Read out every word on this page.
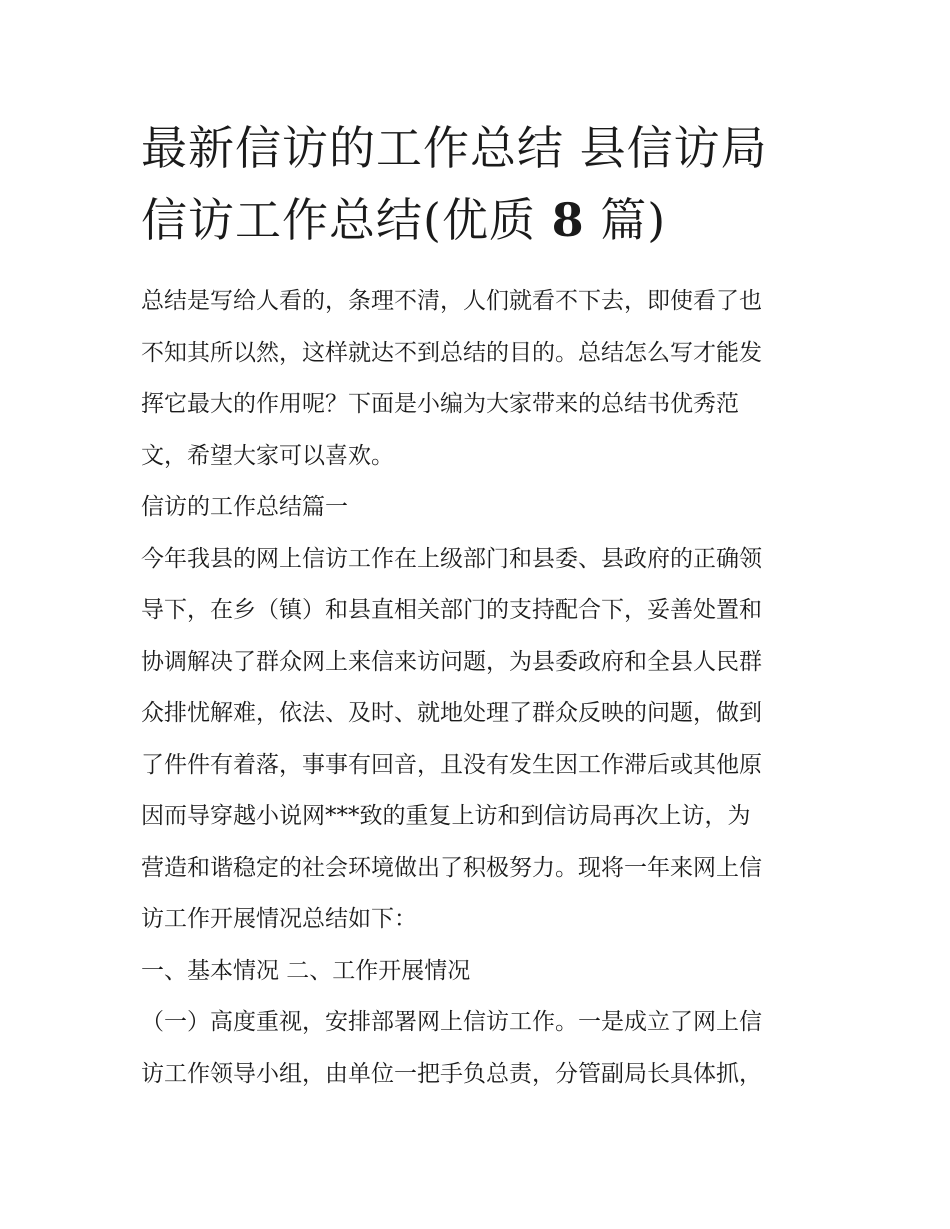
最新信访的工作总结 县信访局
信访工作总结(优质 8 篇)

总结是写给人看的，条理不清，人们就看不下去，即使看了也

不知其所以然，这样就达不到总结的目的。总结怎么写才能发

挥它最大的作用呢？下面是小编为大家带来的总结书优秀范

文，希望大家可以喜欢。

信访的工作总结篇一

今年我县的网上信访工作在上级部门和县委、县政府的正确领

导下，在乡（镇）和县直相关部门的支持配合下，妥善处置和

协调解决了群众网上来信来访问题，为县委政府和全县人民群

众排忧解难，依法、及时、就地处理了群众反映的问题，做到

了件件有着落，事事有回音，且没有发生因工作滞后或其他原

因而导穿越小说网***致的重复上访和到信访局再次上访，为

营造和谐稳定的社会环境做出了积极努力。现将一年来网上信

访工作开展情况总结如下：

一、基本情况 二、工作开展情况

（一）高度重视，安排部署网上信访工作。一是成立了网上信

访工作领导小组，由单位一把手负总责，分管副局长具体抓，
